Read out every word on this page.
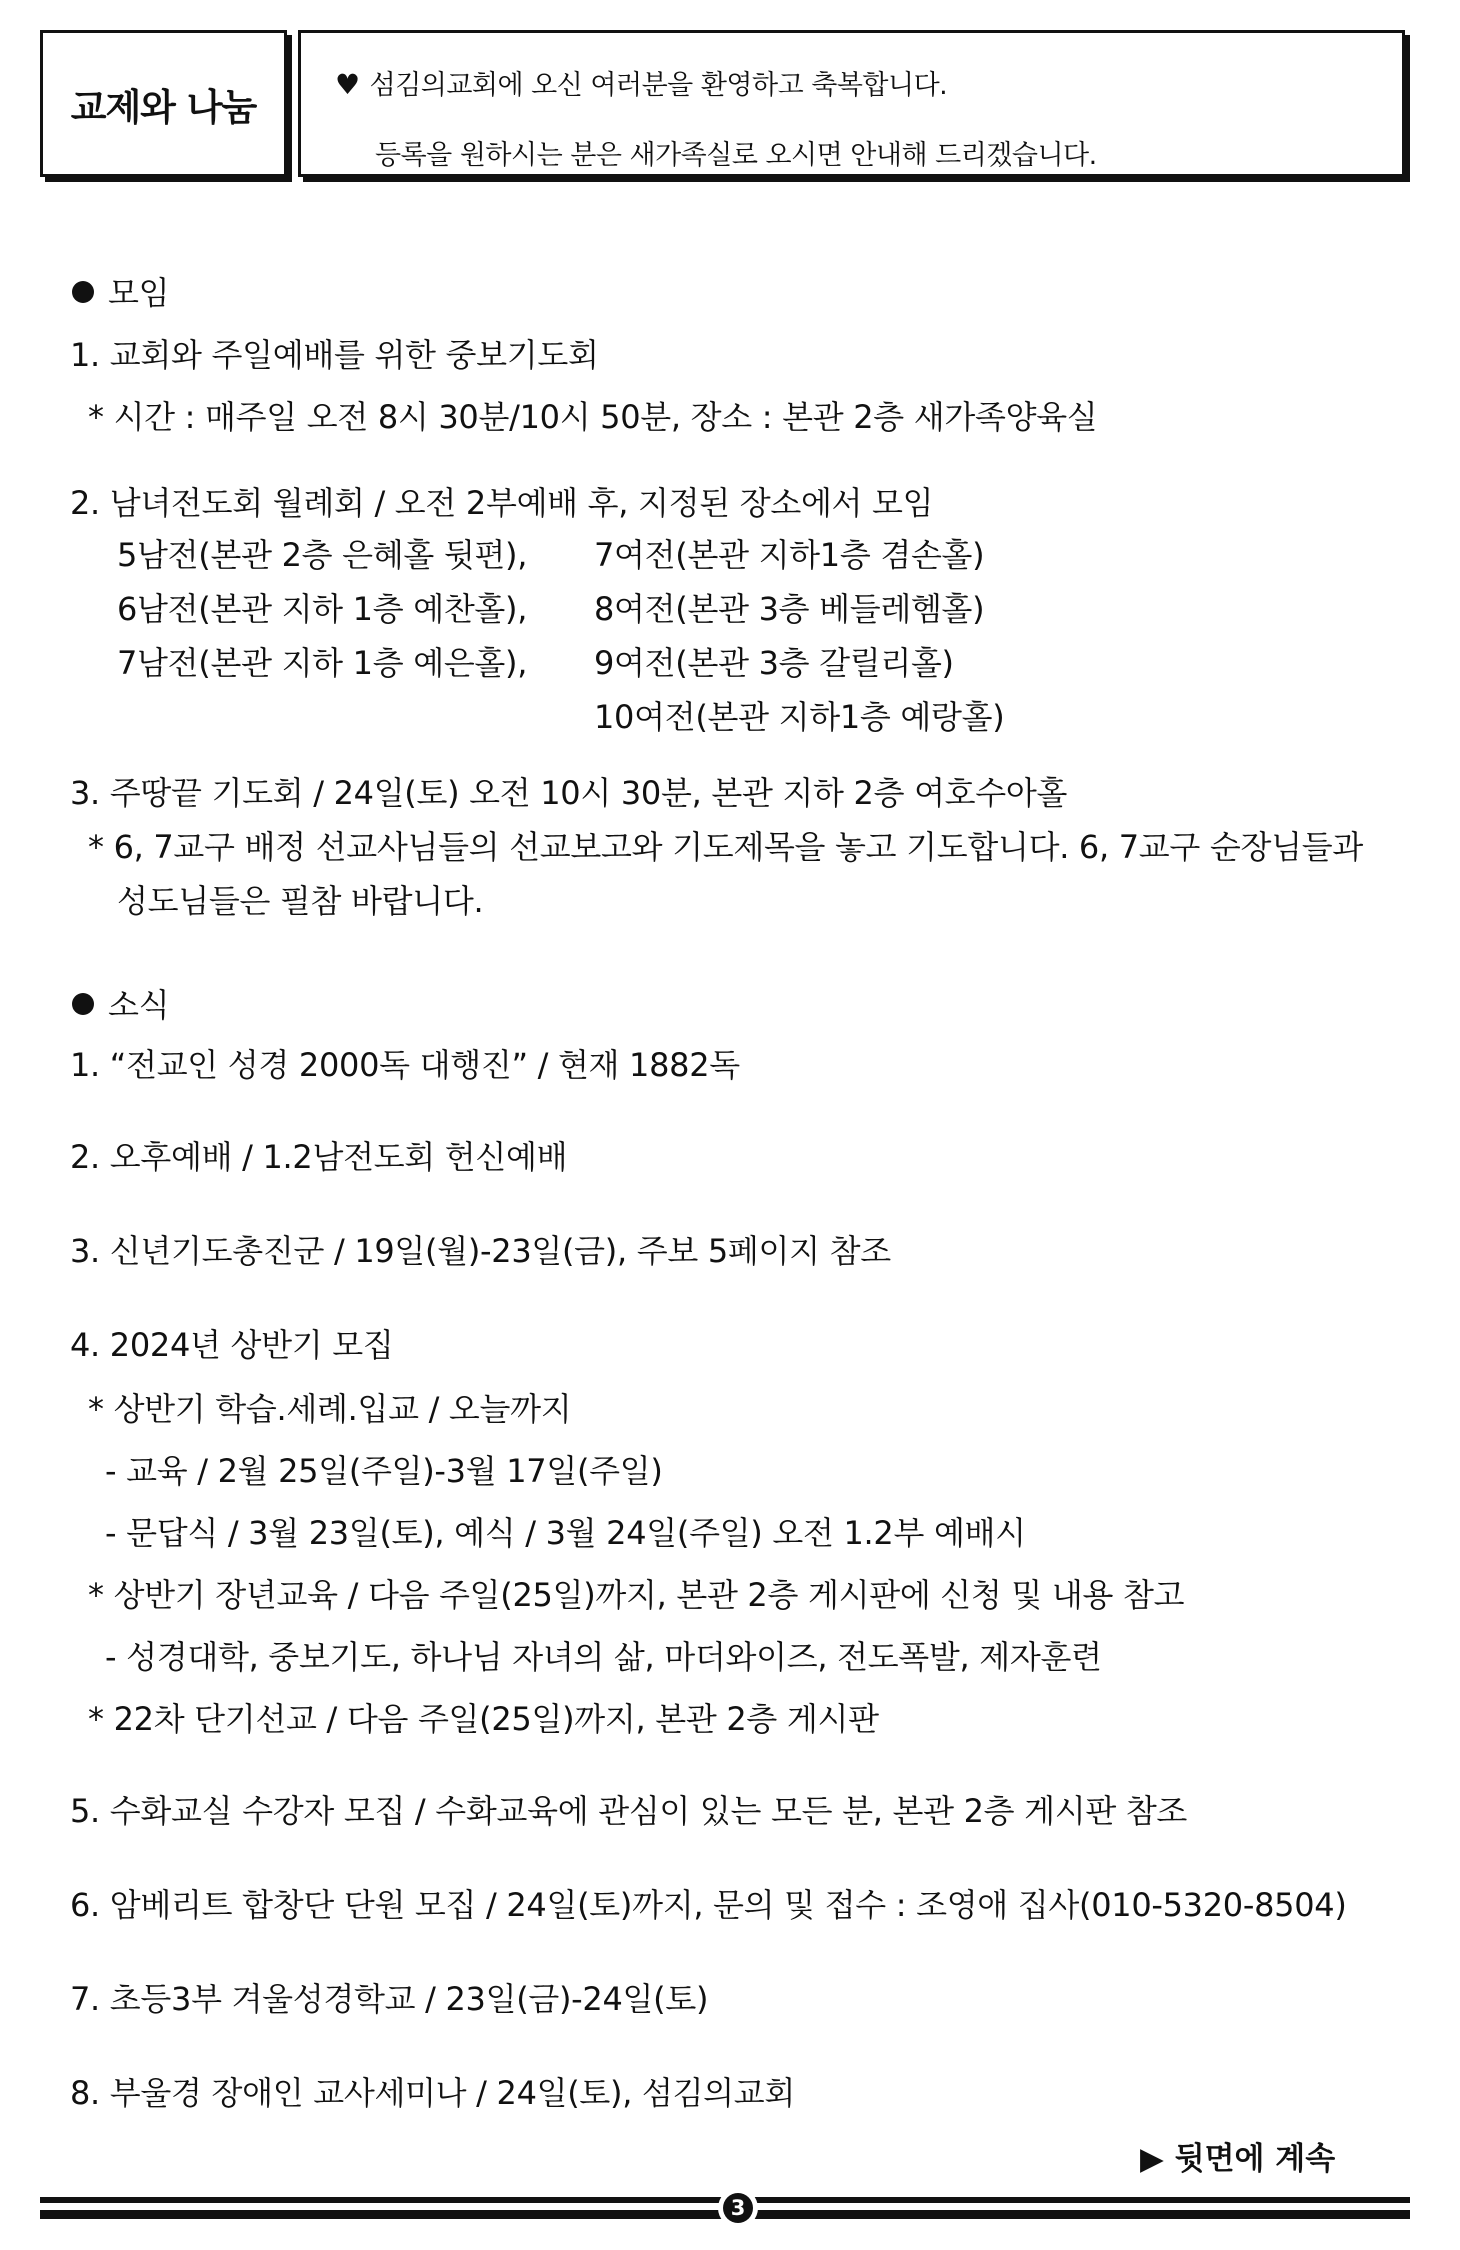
교제와 나눔
♥ 섬김의교회에 오신 여러분을 환영하고 축복합니다.
등록을 원하시는 분은 새가족실로 오시면 안내해 드리겠습니다.
모임
1. 교회와 주일예배를 위한 중보기도회
* 시간 : 매주일 오전 8시 30분/10시 50분, 장소 : 본관 2층 새가족양육실
2. 남녀전도회 월례회 / 오전 2부예배 후, 지정된 장소에서 모임
5남전(본관 2층 은혜홀 뒷편),
6남전(본관 지하 1층 예찬홀),
7남전(본관 지하 1층 예은홀),
7여전(본관 지하1층 겸손홀)
8여전(본관 3층 베들레헴홀)
9여전(본관 3층 갈릴리홀)
10여전(본관 지하1층 예랑홀)
3. 주땅끝 기도회 / 24일(토) 오전 10시 30분, 본관 지하 2층 여호수아홀
* 6, 7교구 배정 선교사님들의 선교보고와 기도제목을 놓고 기도합니다. 6, 7교구 순장님들과
성도님들은 필참 바랍니다.
소식
1. “전교인 성경 2000독 대행진” / 현재 1882독
2. 오후예배 / 1.2남전도회 헌신예배
3. 신년기도총진군 / 19일(월)-23일(금), 주보 5페이지 참조
4. 2024년 상반기 모집
* 상반기 학습.세례.입교 / 오늘까지
- 교육 / 2월 25일(주일)-3월 17일(주일)
- 문답식 / 3월 23일(토), 예식 / 3월 24일(주일) 오전 1.2부 예배시
* 상반기 장년교육 / 다음 주일(25일)까지, 본관 2층 게시판에 신청 및 내용 참고
- 성경대학, 중보기도, 하나님 자녀의 삶, 마더와이즈, 전도폭발, 제자훈련
* 22차 단기선교 / 다음 주일(25일)까지, 본관 2층 게시판
5. 수화교실 수강자 모집 / 수화교육에 관심이 있는 모든 분, 본관 2층 게시판 참조
6. 암베리트 합창단 단원 모집 / 24일(토)까지, 문의 및 접수 : 조영애 집사(010-5320-8504)
7. 초등3부 겨울성경학교 / 23일(금)-24일(토)
8. 부울경 장애인 교사세미나 / 24일(토), 섬김의교회
▶ 뒷면에 계속
3
